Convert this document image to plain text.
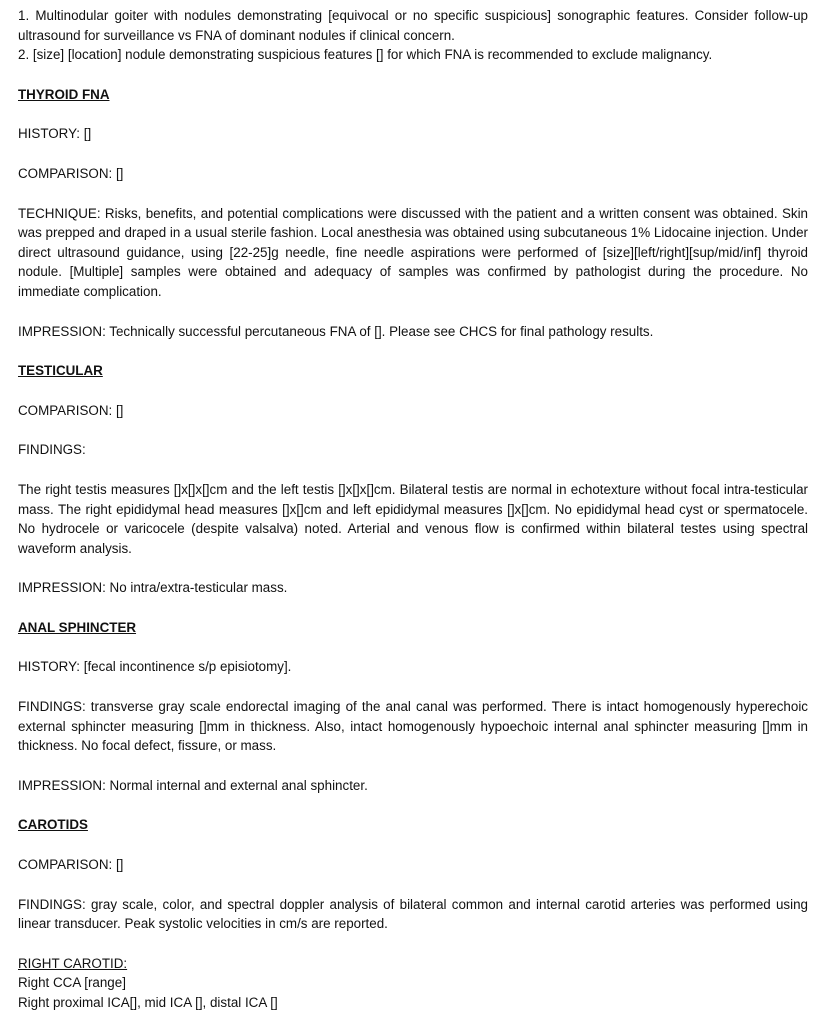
1. Multinodular goiter with nodules demonstrating [equivocal or no specific suspicious] sonographic features. Consider follow-up ultrasound for surveillance vs FNA of dominant nodules if clinical concern.

2. [size] [location] nodule demonstrating suspicious features [] for which FNA is recommended to exclude malignancy.

THYROID FNA

HISTORY: []

COMPARISON: []

TECHNIQUE: Risks, benefits, and potential complications were discussed with the patient and a written consent was obtained. Skin was prepped and draped in a usual sterile fashion. Local anesthesia was obtained using subcutaneous 1% Lidocaine injection. Under direct ultrasound guidance, using [22-25]g needle, fine needle aspirations were performed of [size][left/right][sup/mid/inf] thyroid nodule. [Multiple] samples were obtained and adequacy of samples was confirmed by pathologist during the procedure. No immediate complication.

IMPRESSION: Technically successful percutaneous FNA of []. Please see CHCS for final pathology results.

TESTICULAR

COMPARISON: []

FINDINGS:

The right testis measures []x[]x[]cm and the left testis []x[]x[]cm. Bilateral testis are normal in echotexture without focal intra-testicular mass. The right epididymal head measures []x[]cm and left epididymal measures []x[]cm. No epididymal head cyst or spermatocele. No hydrocele or varicocele (despite valsalva) noted. Arterial and venous flow is confirmed within bilateral testes using spectral waveform analysis.

IMPRESSION: No intra/extra-testicular mass.

ANAL SPHINCTER

HISTORY: [fecal incontinence s/p episiotomy].

FINDINGS: transverse gray scale endorectal imaging of the anal canal was performed. There is intact homogenously hyperechoic external sphincter measuring []mm in thickness. Also, intact homogenously hypoechoic internal anal sphincter measuring []mm in thickness. No focal defect, fissure, or mass.

IMPRESSION: Normal internal and external anal sphincter.

CAROTIDS

COMPARISON: []

FINDINGS: gray scale, color, and spectral doppler analysis of bilateral common and internal carotid arteries was performed using linear transducer. Peak systolic velocities in cm/s are reported.

RIGHT CAROTID:
Right CCA [range]
Right proximal ICA[], mid ICA [], distal ICA []
